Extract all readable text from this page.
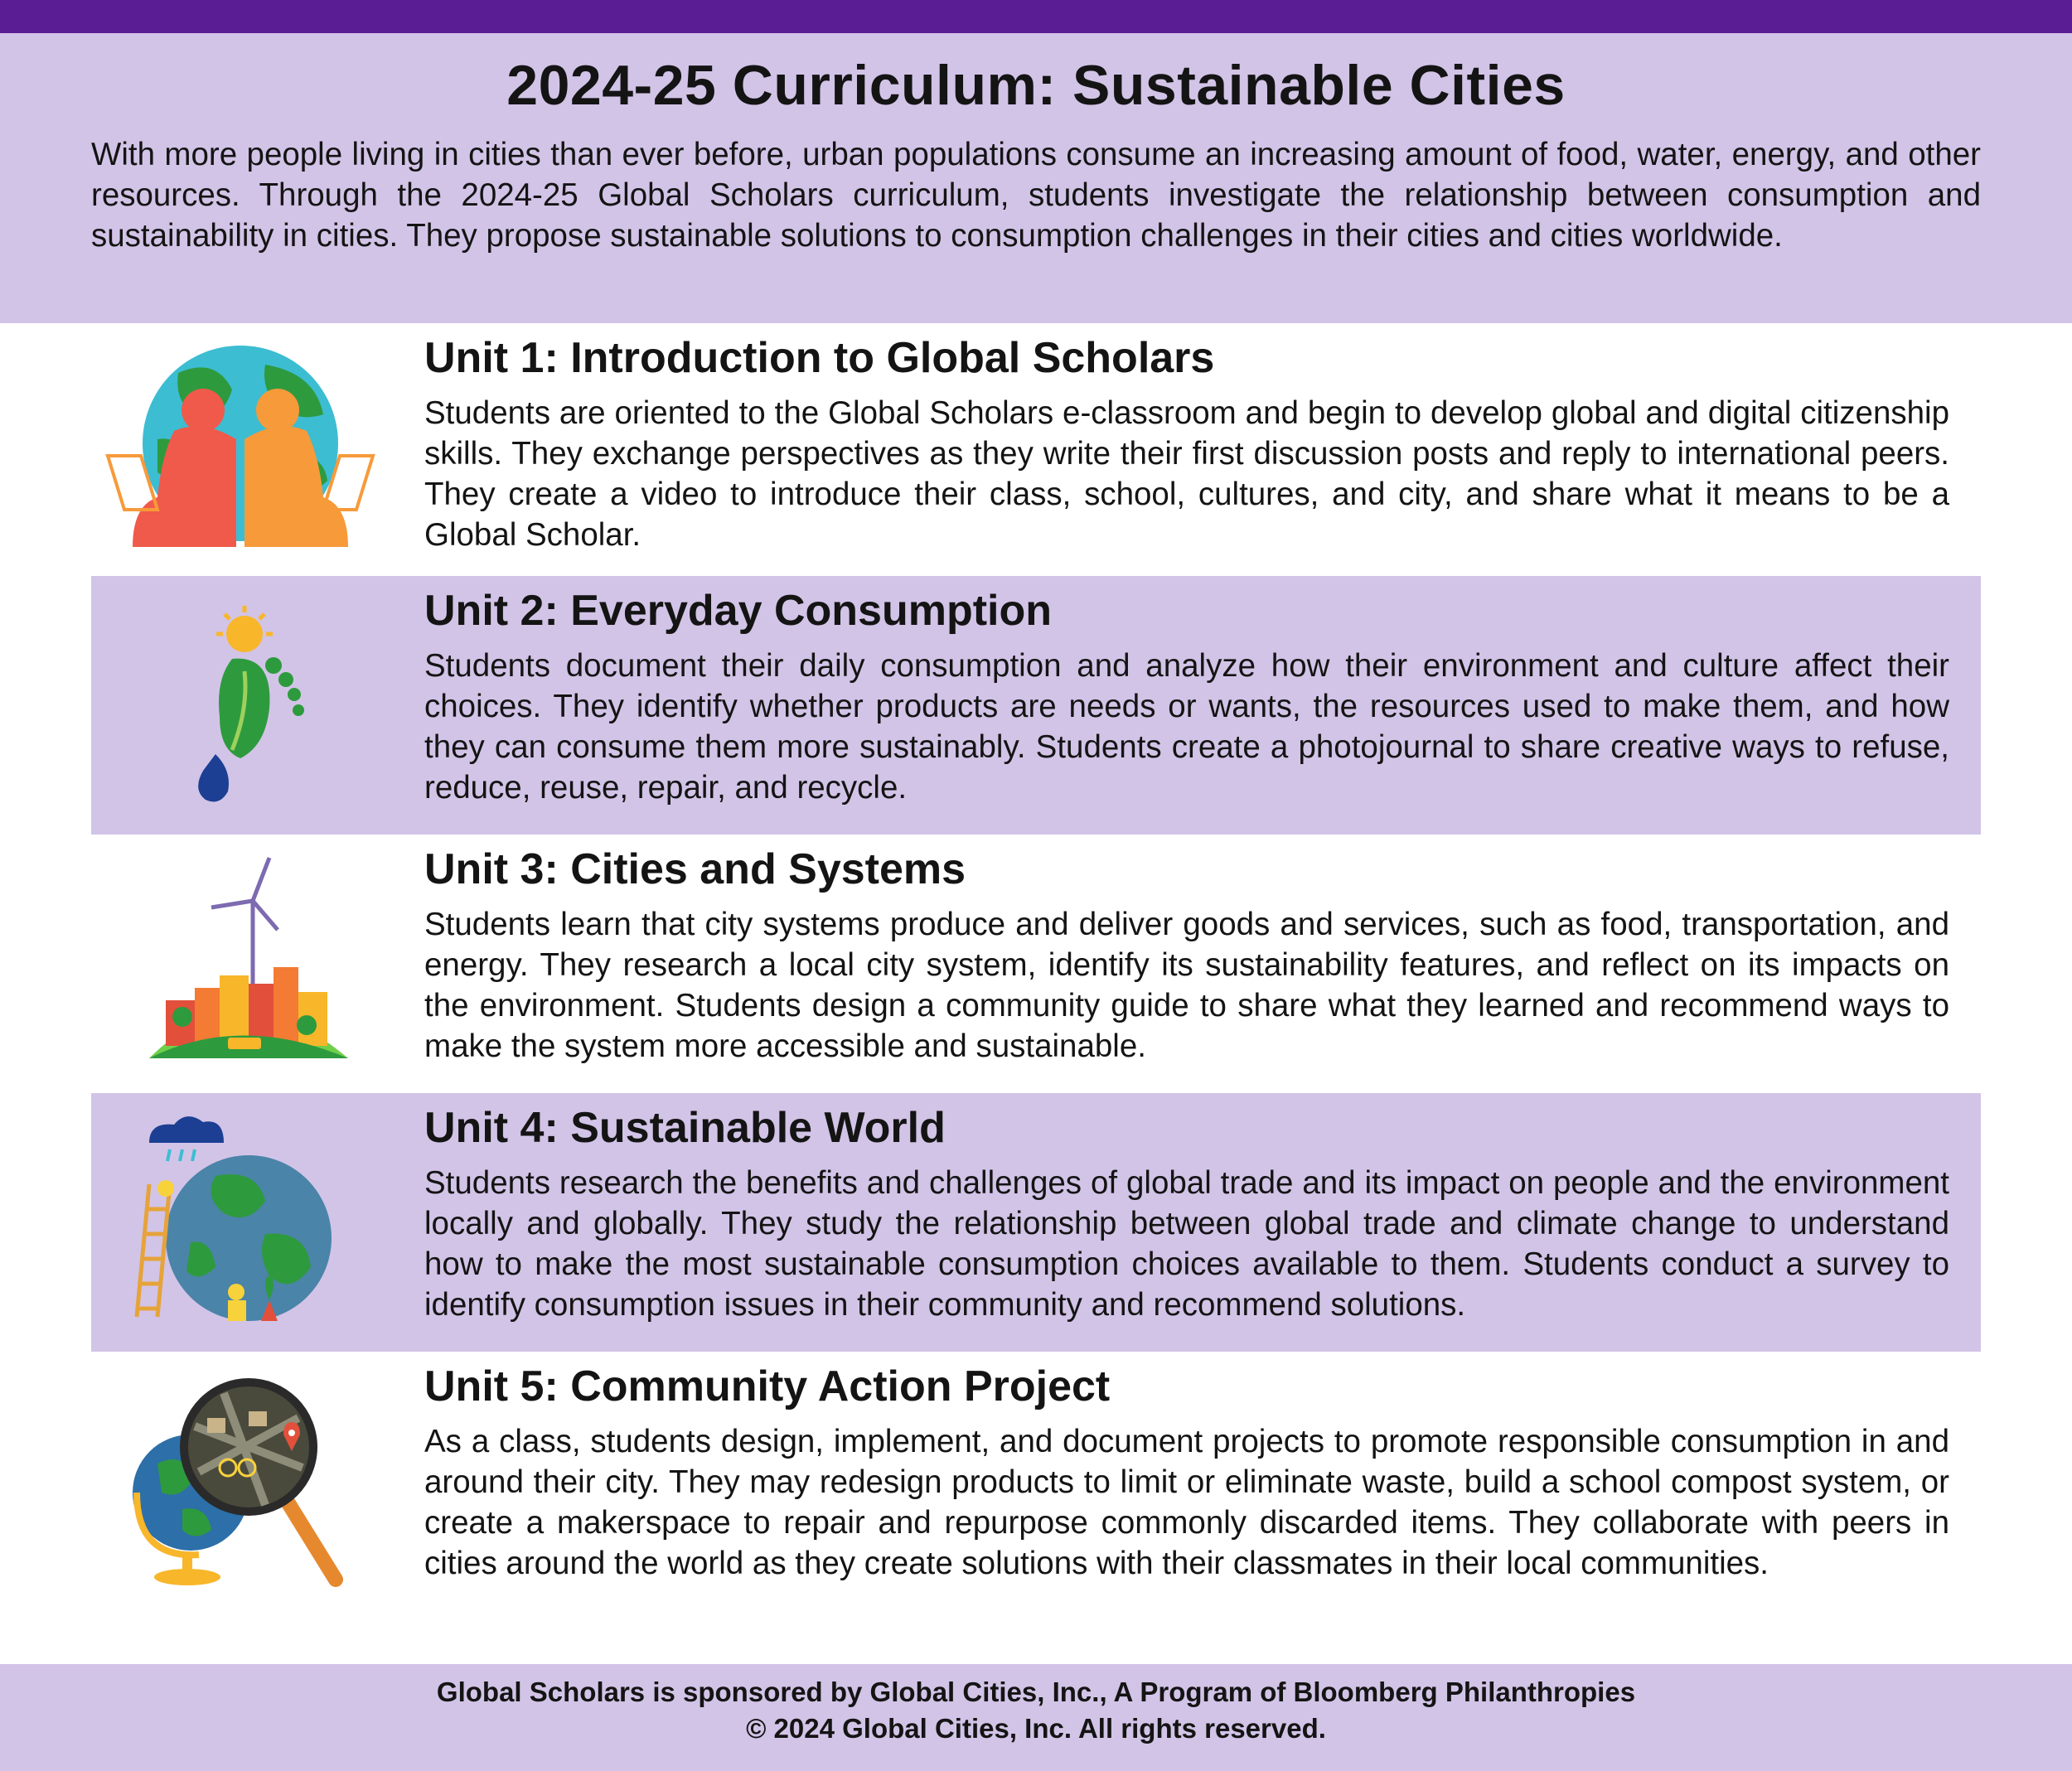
2024-25 Curriculum: Sustainable Cities

With more people living in cities than ever before, urban populations consume an increasing amount of food, water, energy, and other resources. Through the 2024-25 Global Scholars curriculum, students investigate the relationship between consumption and sustainability in cities. They propose sustainable solutions to consumption challenges in their cities and cities worldwide.

Unit 1: Introduction to Global Scholars

Students are oriented to the Global Scholars e-classroom and begin to develop global and digital citizenship skills. They exchange perspectives as they write their first discussion posts and reply to international peers. They create a video to introduce their class, school, cultures, and city, and share what it means to be a Global Scholar.

Unit 2: Everyday Consumption

Students document their daily consumption and analyze how their environment and culture affect their choices. They identify whether products are needs or wants, the resources used to make them, and how they can consume them more sustainably. Students create a photojournal to share creative ways to refuse, reduce, reuse, repair, and recycle.

Unit 3: Cities and Systems

Students learn that city systems produce and deliver goods and services, such as food, transportation, and energy. They research a local city system, identify its sustainability features, and reflect on its impacts on the environment. Students design a community guide to share what they learned and recommend ways to make the system more accessible and sustainable.

Unit 4: Sustainable World

Students research the benefits and challenges of global trade and its impact on people and the environment locally and globally. They study the relationship between global trade and climate change to understand how to make the most sustainable consumption choices available to them. Students conduct a survey to identify consumption issues in their community and recommend solutions.

Unit 5: Community Action Project

As a class, students design, implement, and document projects to promote responsible consumption in and around their city. They may redesign products to limit or eliminate waste, build a school compost system, or create a makerspace to repair and repurpose commonly discarded items. They collaborate with peers in cities around the world as they create solutions with their classmates in their local communities.

Global Scholars is sponsored by Global Cities, Inc., A Program of Bloomberg Philanthropies
© 2024 Global Cities, Inc. All rights reserved.
